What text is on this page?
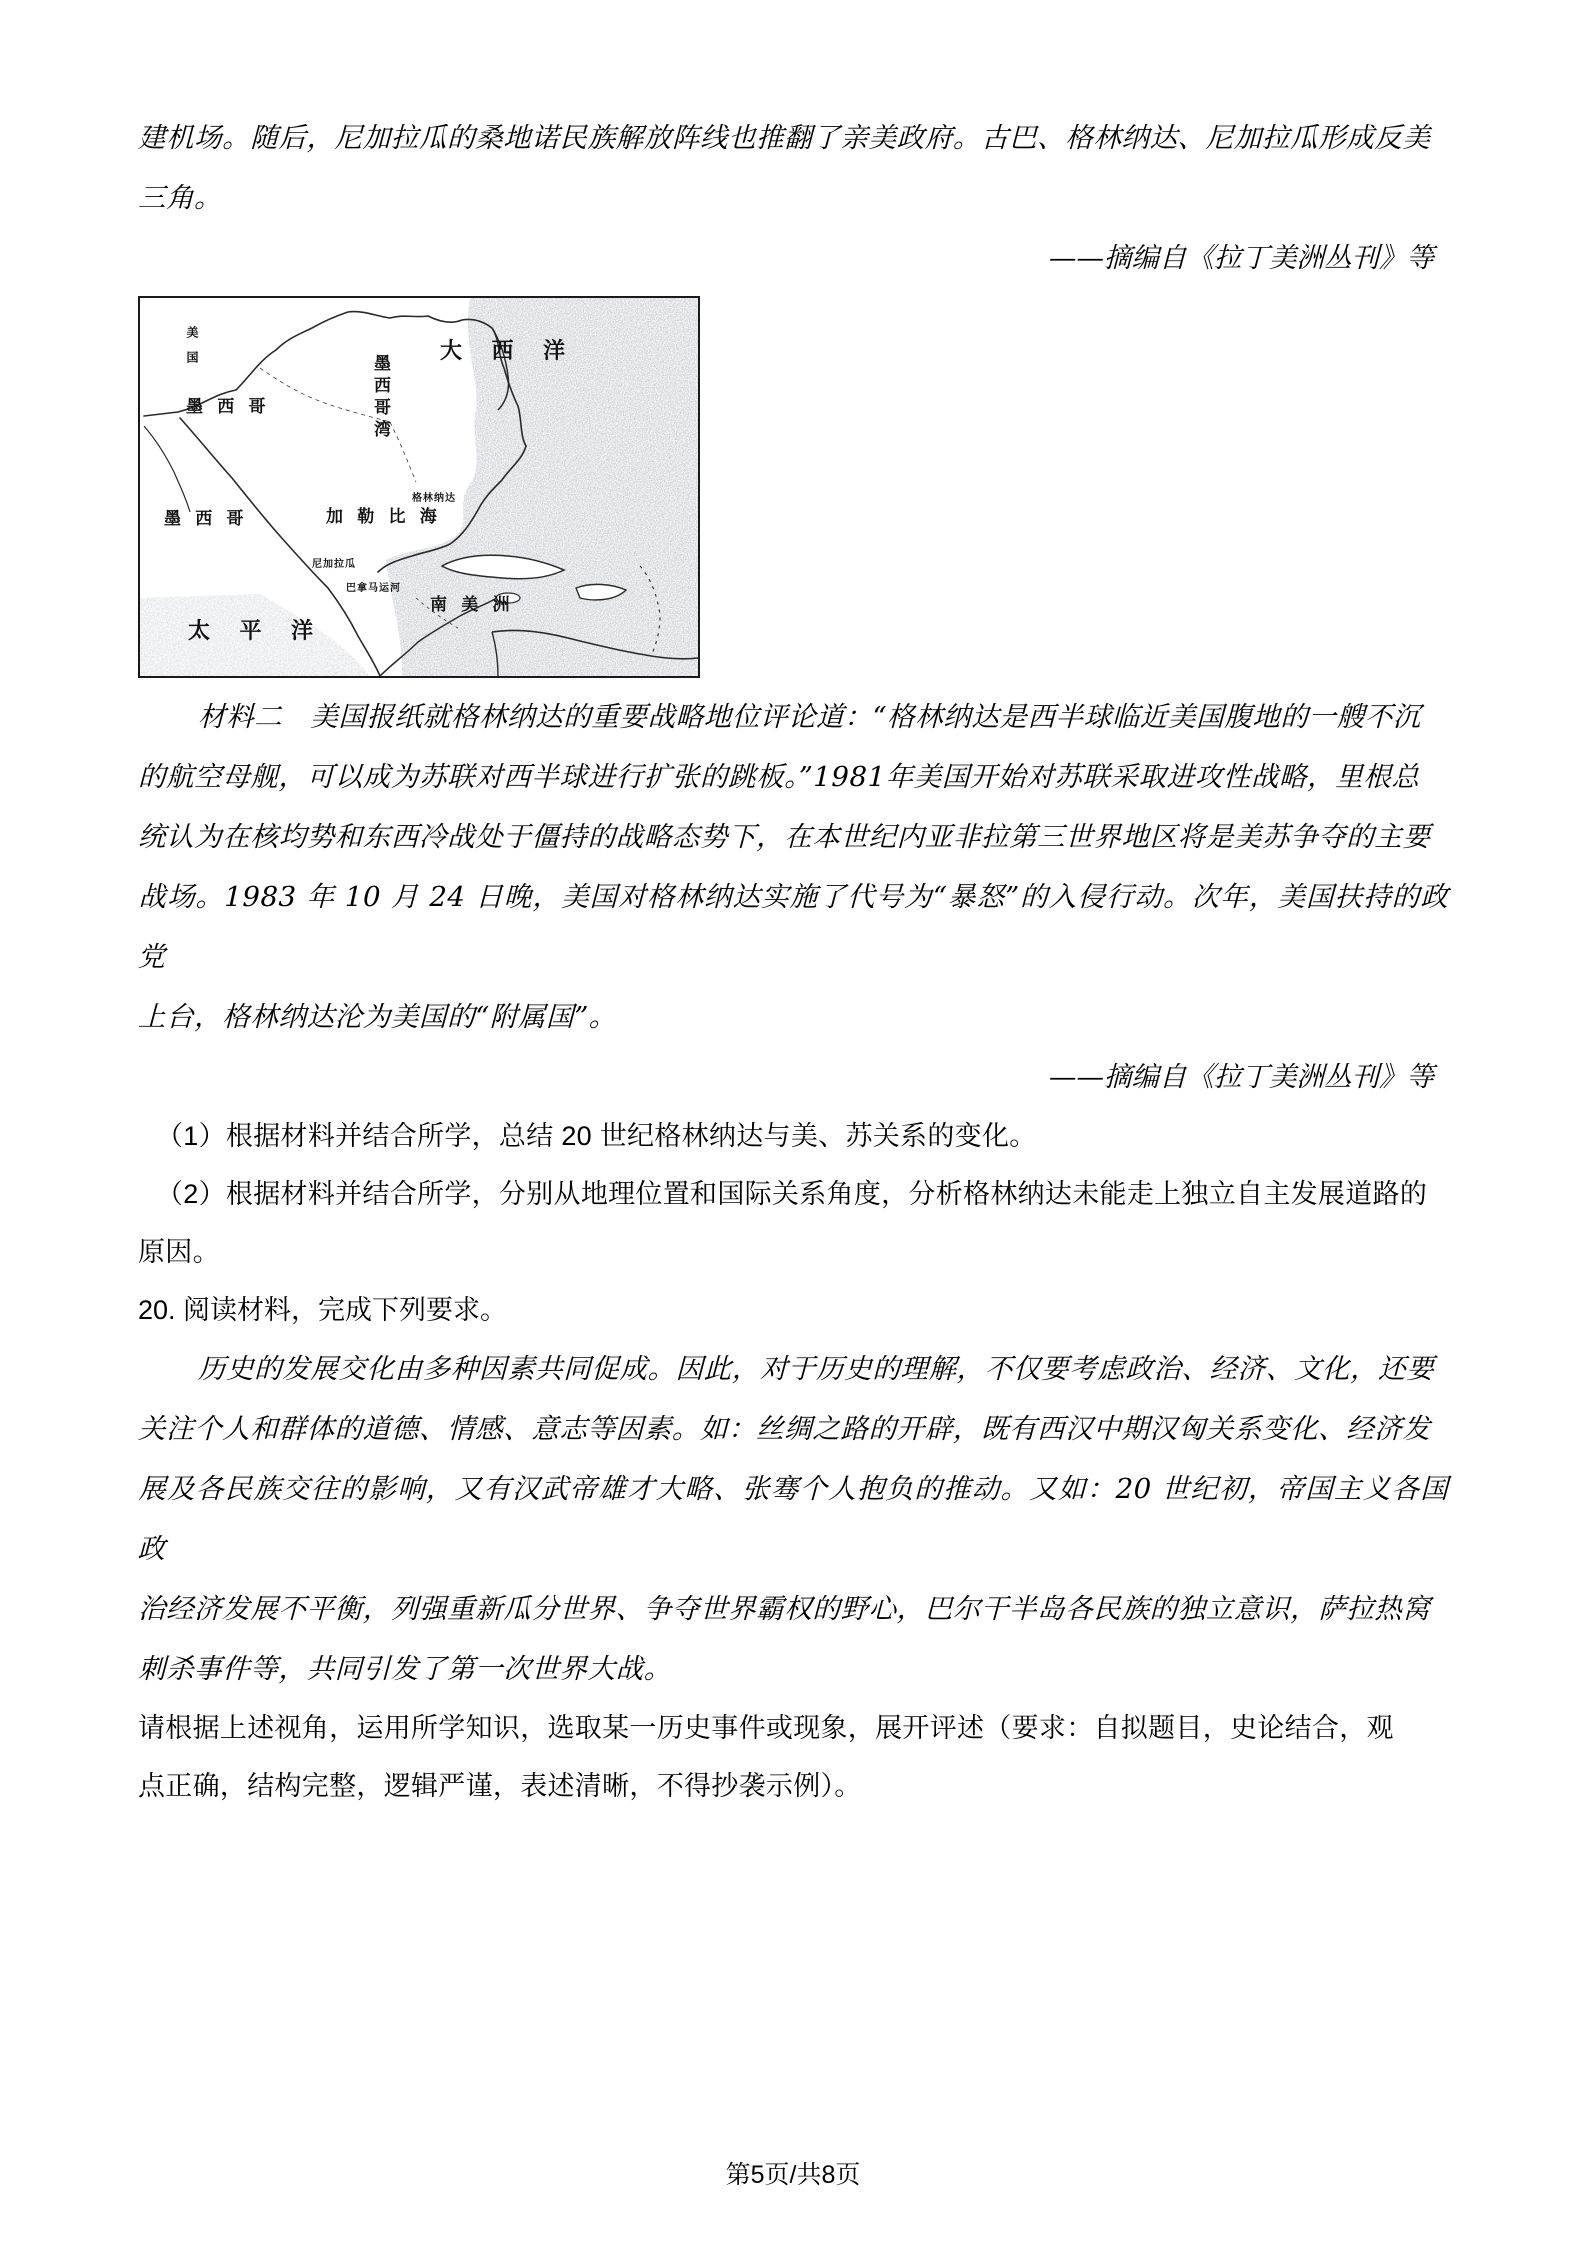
建机场。随后，尼加拉瓜的桑地诺民族解放阵线也推翻了亲美政府。古巴、格林纳达、尼加拉瓜形成反美

三角。

——摘编自《拉丁美洲丛刊》等

美 国	大 西 洋
墨西哥湾
墨 西 哥
墨 西 哥	加 勒 比 海
格林纳达
尼加拉瓜
巴拿马运河
南 美 洲
太 平 洋

材料二　美国报纸就格林纳达的重要战略地位评论道：“格林纳达是西半球临近美国腹地的一艘不沉

的航空母舰，可以成为苏联对西半球进行扩张的跳板。”1981年美国开始对苏联采取进攻性战略，里根总

统认为在核均势和东西冷战处于僵持的战略态势下，在本世纪内亚非拉第三世界地区将是美苏争夺的主要

战场。1983 年 10 月 24 日晚，美国对格林纳达实施了代号为“暴怒”的入侵行动。次年，美国扶持的政党

上台，格林纳达沦为美国的“附属国”。

——摘编自《拉丁美洲丛刊》等

（1）根据材料并结合所学，总结 20 世纪格林纳达与美、苏关系的变化。

（2）根据材料并结合所学，分别从地理位置和国际关系角度，分析格林纳达未能走上独立自主发展道路的

原因。

20. 阅读材料，完成下列要求。

历史的发展交化由多种因素共同促成。因此，对于历史的理解，不仅要考虑政治、经济、文化，还要

关注个人和群体的道德、情感、意志等因素。如：丝绸之路的开辟，既有西汉中期汉匈关系变化、经济发

展及各民族交往的影响，又有汉武帝雄才大略、张骞个人抱负的推动。又如：20 世纪初，帝国主义各国政

治经济发展不平衡，列强重新瓜分世界、争夺世界霸权的野心，巴尔干半岛各民族的独立意识，萨拉热窝

刺杀事件等，共同引发了第一次世界大战。

请根据上述视角，运用所学知识，选取某一历史事件或现象，展开评述（要求：自拟题目，史论结合，观

点正确，结构完整，逻辑严谨，表述清晰，不得抄袭示例）。

第5页/共8页
